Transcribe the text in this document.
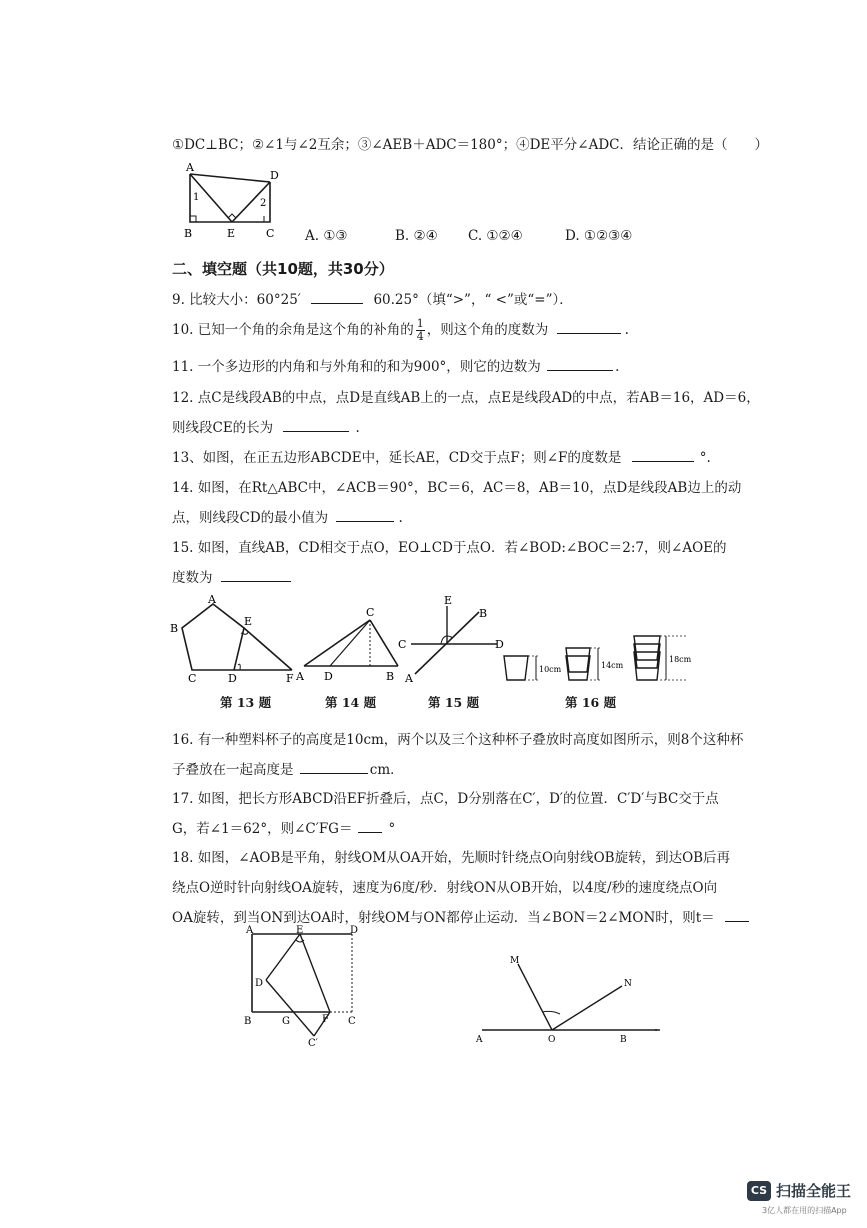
①DC⊥BC；②∠1与∠2互余；③∠AEB＋ADC＝180°；④DE平分∠ADC．结论正确的是（　　）
A
D
B	E	C
1
2
A. ①③	B. ②④ C. ①②④	D. ①②③④
二、填空题（共10题，共30分）
9. 比较大小：60°25′	60.25°（填“>”，“ <”或“=”）．
10. 已知一个角的余角是这个角的补角的 $\frac{1}{4}$ ，则这个角的度数为	.
11. 一个多边形的内角和与外角和的和为900°，则它的边数为	.
12. 点C是线段AB的中点，点D是直线AB上的一点，点E是线段AD的中点，若AB＝16，AD＝6，
则线段CE的长为	.
13、如图，在正五边形ABCDE中，延长AE，CD交于点F；则∠F的度数是	°.
14. 如图，在Rt△ABC中，∠ACB＝90°，BC＝6，AC＝8，AB＝10，点D是线段AB边上的动
点，则线段CD的最小值为	.
15. 如图，直线AB，CD相交于点O，EO⊥CD于点O．若∠BOD:∠BOC＝2:7，则∠AOE的
度数为
A
B
C	D
E
F
C
A D	B
E
B
C	D
A
10cm	14cm
18cm
第 13 题	第 14 题	第 15 题	第 16 题
16. 有一种塑料杯子的高度是10cm，两个以及三个这种杯子叠放时高度如图所示，则8个这种杯
子叠放在一起高度是	cm．
17. 如图，把长方形ABCD沿EF折叠后，点C，D分别落在C′，D′的位置．C′D′与BC交于点
G，若∠1＝62°，则∠C′FG＝	°
18. 如图，∠AOB是平角，射线OM从OA开始，先顺时针绕点O向射线OB旋转，到达OB后再
绕点O逆时针向射线OA旋转，速度为6度/秒．射线ON从OB开始，以4度/秒的速度绕点O向
OA旋转，到当ON到达OA时，射线OM与ON都停止运动．当∠BON＝2∠MON时，则t＝
A	E	D
D
B	G	F C
C′
M
N
A	O	B
CS 扫描全能王
3亿人都在用的扫描App
